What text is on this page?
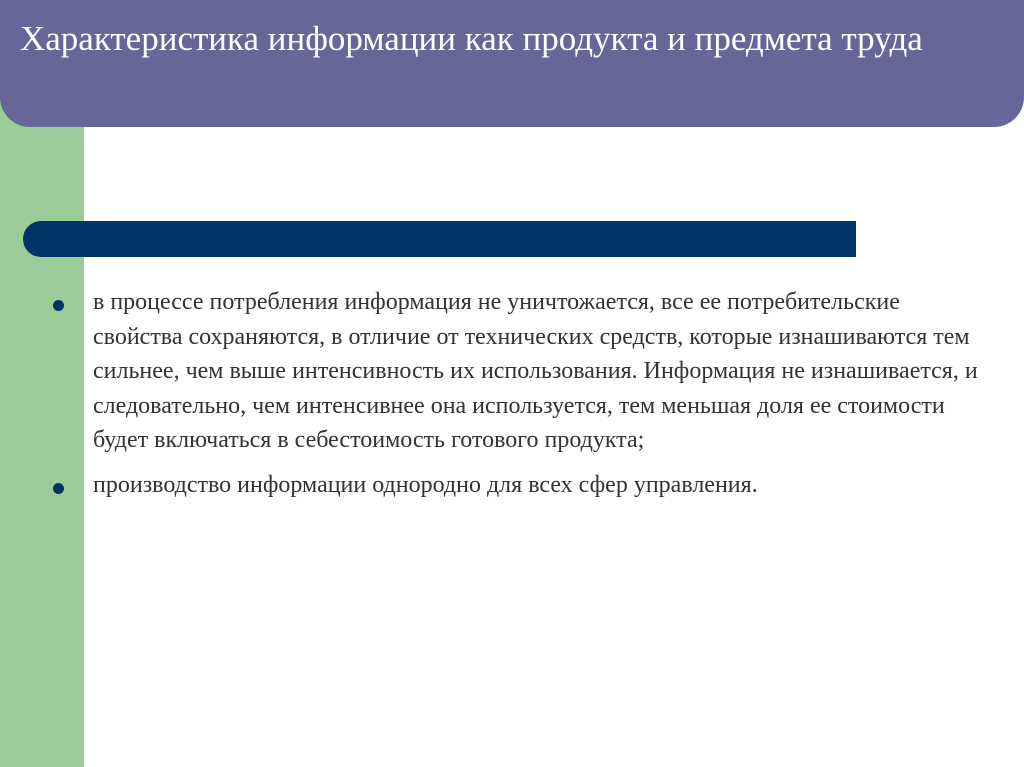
Характеристика информации как продукта и предмета труда
в процессе потребления информация не уничтожается, все ее потребительские свойства сохраняются, в отличие от технических средств, которые изнашиваются тем сильнее, чем выше интенсивность их использования. Информация не изнашивается, и следовательно, чем интенсивнее она используется, тем меньшая доля ее стоимости будет включаться в себестоимость готового продукта;
производство информации однородно для всех сфер управления.
